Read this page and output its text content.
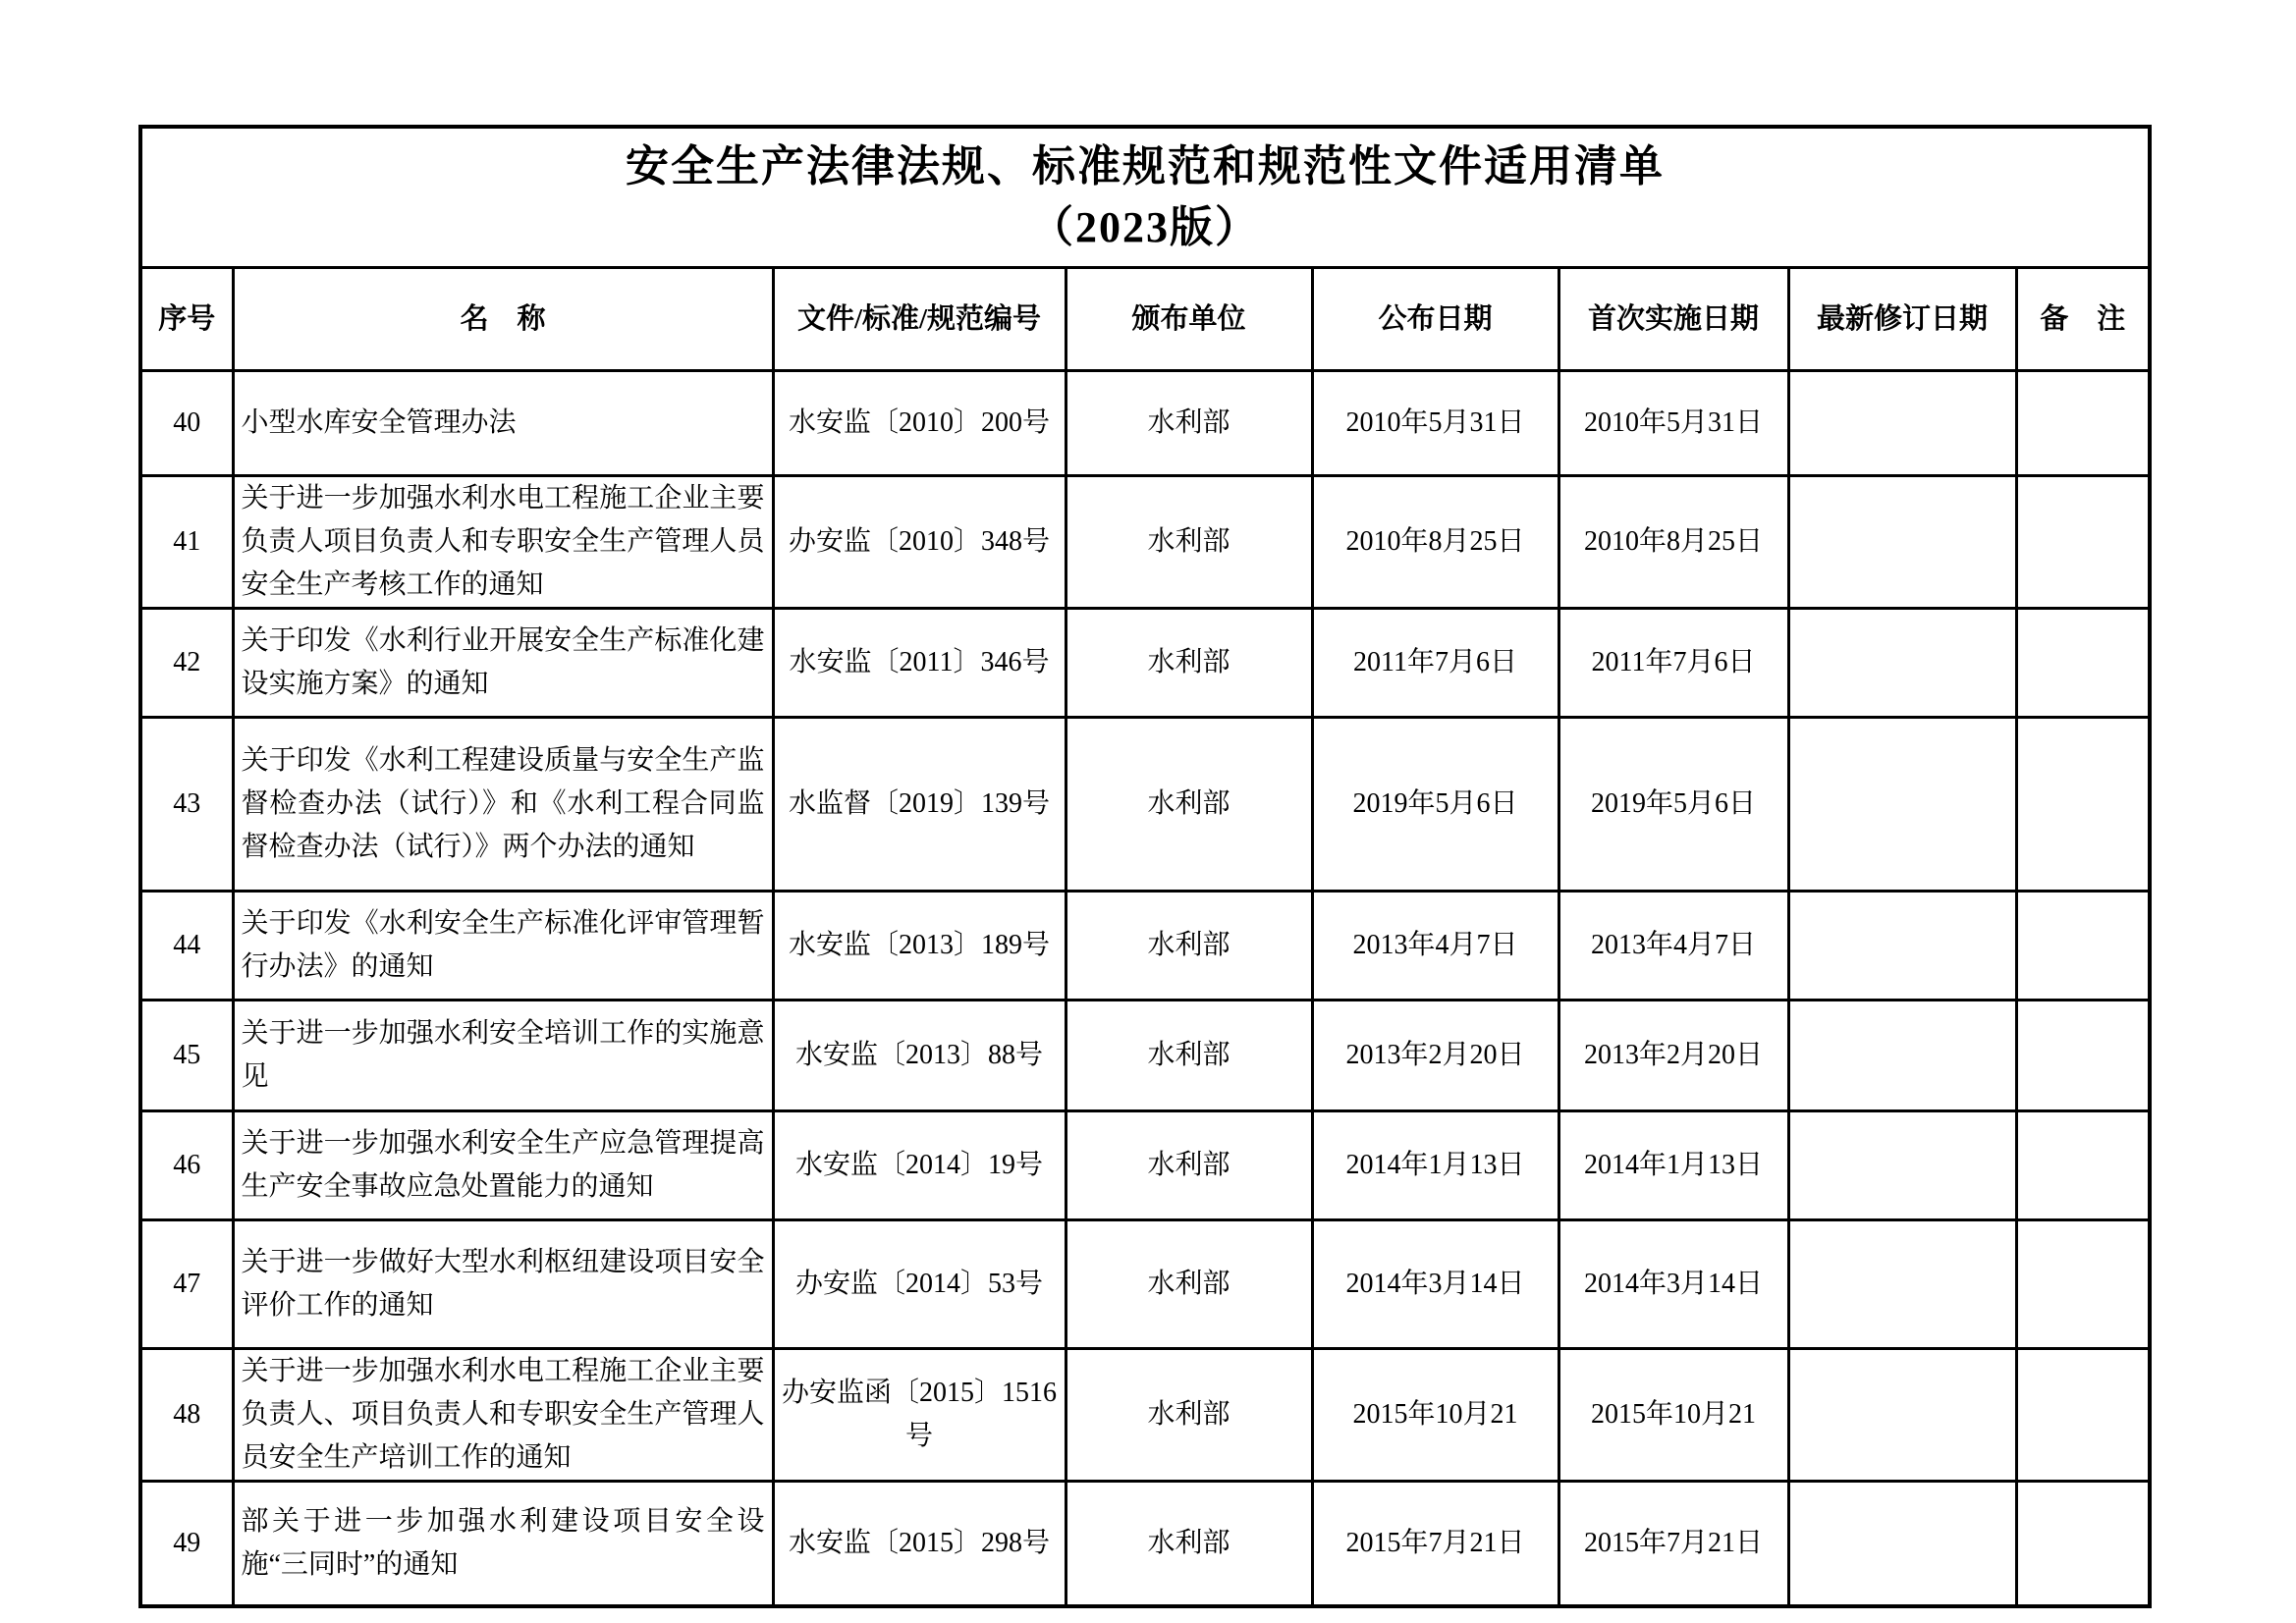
安全生产法律法规、标准规范和规范性文件适用清单
（2023版）							

序号	名　称	文件/标准/规范编号	颁布单位	公布日期	首次实施日期	最新修订日期	备　注
40	小型水库安全管理办法	水安监〔2010〕200号	水利部	2010年5月31日	2010年5月31日		
41	关于进一步加强水利水电工程施工企业主要负责人项目负责人和专职安全生产管理人员安全生产考核工作的通知	办安监〔2010〕348号	水利部	2010年8月25日	2010年8月25日		
42	关于印发《水利行业开展安全生产标准化建设实施方案》的通知	水安监〔2011〕346号	水利部	2011年7月6日	2011年7月6日		
43	关于印发《水利工程建设质量与安全生产监督检查办法（试行）》和《水利工程合同监督检查办法（试行）》两个办法的通知	水监督〔2019〕139号	水利部	2019年5月6日	2019年5月6日		
44	关于印发《水利安全生产标准化评审管理暂行办法》的通知	水安监〔2013〕189号	水利部	2013年4月7日	2013年4月7日		
45	关于进一步加强水利安全培训工作的实施意见	水安监〔2013〕88号	水利部	2013年2月20日	2013年2月20日		
46	关于进一步加强水利安全生产应急管理提高生产安全事故应急处置能力的通知	水安监〔2014〕19号	水利部	2014年1月13日	2014年1月13日		
47	关于进一步做好大型水利枢纽建设项目安全评价工作的通知	办安监〔2014〕53号	水利部	2014年3月14日	2014年3月14日		
48	关于进一步加强水利水电工程施工企业主要负责人、项目负责人和专职安全生产管理人员安全生产培训工作的通知	办安监函〔2015〕1516号	水利部	2015年10月21	2015年10月21		
49	部关于进一步加强水利建设项目安全设施“三同时”的通知	水安监〔2015〕298号	水利部	2015年7月21日	2015年7月21日		
